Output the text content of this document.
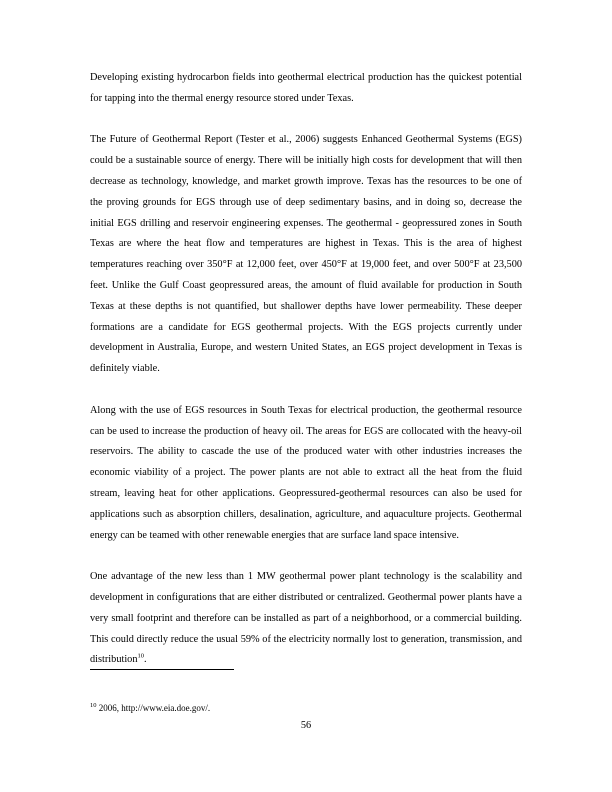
Developing existing hydrocarbon fields into geothermal electrical production has the quickest potential for tapping into the thermal energy resource stored under Texas.

The Future of Geothermal Report (Tester et al., 2006) suggests Enhanced Geothermal Systems (EGS) could be a sustainable source of energy. There will be initially high costs for development that will then decrease as technology, knowledge, and market growth improve. Texas has the resources to be one of the proving grounds for EGS through use of deep sedimentary basins, and in doing so, decrease the initial EGS drilling and reservoir engineering expenses. The geothermal - geopressured zones in South Texas are where the heat flow and temperatures are highest in Texas. This is the area of highest temperatures reaching over 350°F at 12,000 feet, over 450°F at 19,000 feet, and over 500°F at 23,500 feet. Unlike the Gulf Coast geopressured areas, the amount of fluid available for production in South Texas at these depths is not quantified, but shallower depths have lower permeability. These deeper formations are a candidate for EGS geothermal projects. With the EGS projects currently under development in Australia, Europe, and western United States, an EGS project development in Texas is definitely viable.

Along with the use of EGS resources in South Texas for electrical production, the geothermal resource can be used to increase the production of heavy oil. The areas for EGS are collocated with the heavy-oil reservoirs. The ability to cascade the use of the produced water with other industries increases the economic viability of a project. The power plants are not able to extract all the heat from the fluid stream, leaving heat for other applications. Geopressured-geothermal resources can also be used for applications such as absorption chillers, desalination, agriculture, and aquaculture projects. Geothermal energy can be teamed with other renewable energies that are surface land space intensive.

One advantage of the new less than 1 MW geothermal power plant technology is the scalability and development in configurations that are either distributed or centralized. Geothermal power plants have a very small footprint and therefore can be installed as part of a neighborhood, or a commercial building. This could directly reduce the usual 59% of the electricity normally lost to generation, transmission, and distribution$^{10}$.

$^{10}$ 2006, http://www.eia.doe.gov/.
56
